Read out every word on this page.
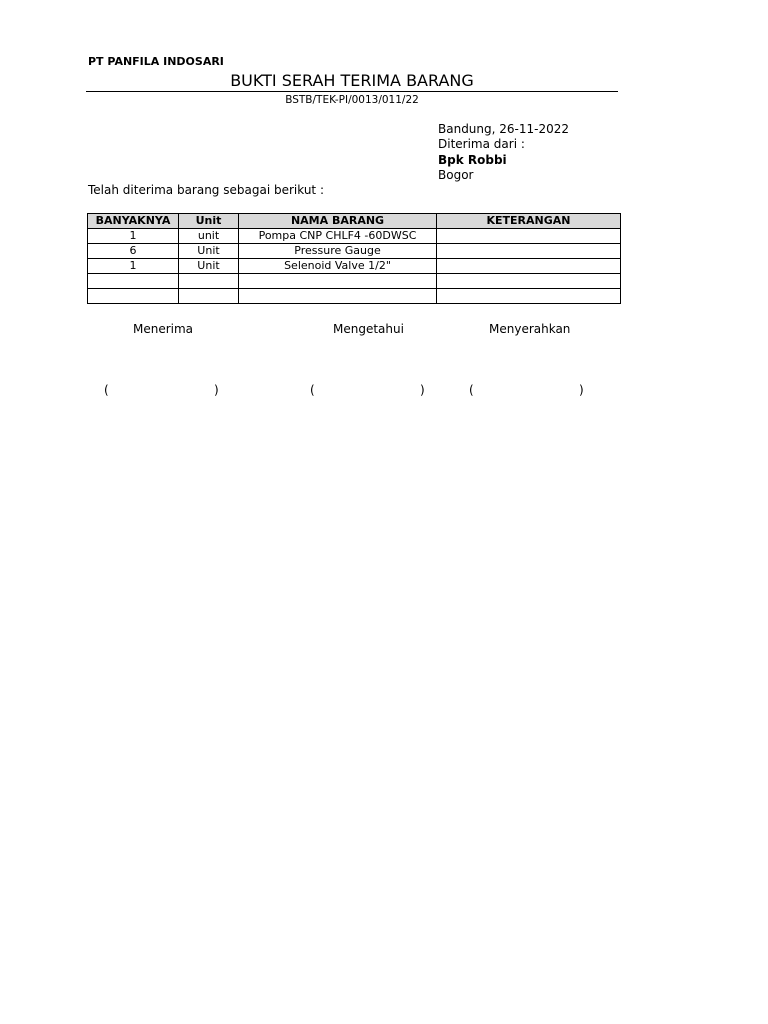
PT PANFILA INDOSARI
BUKTI SERAH TERIMA BARANG
BSTB/TEK-PI/0013/011/22
Bandung, 26-11-2022
Diterima dari :
Bpk Robbi
Bogor
Telah diterima barang sebagai berikut :
BANYAKNYA	Unit	NAMA BARANG	KETERANGAN
1	unit	Pompa CNP CHLF4 -60DWSC	
6	Unit	Pressure Gauge	
1	Unit	Selenoid Valve 1/2"	

Menerima	Mengetahui	Menyerahkan
(	)	(	)	(	)
